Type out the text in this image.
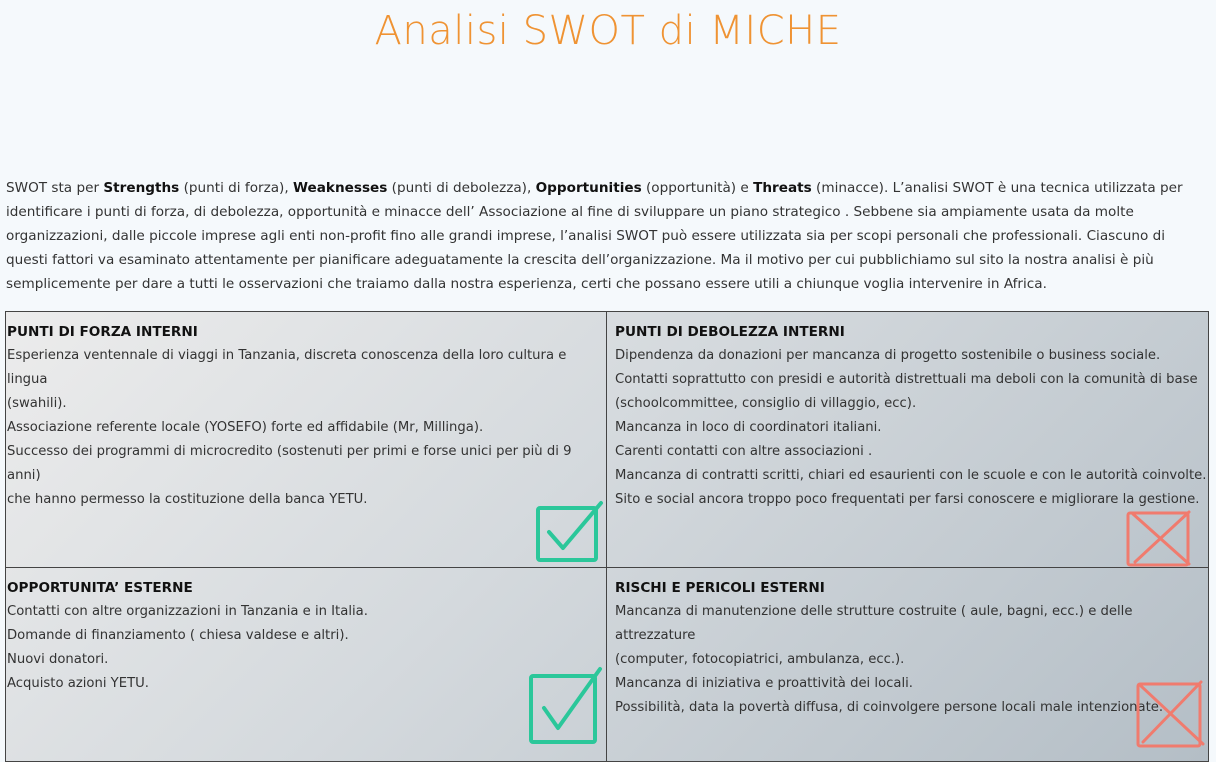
Analisi SWOT di MICHE

SWOT sta per Strengths (punti di forza), Weaknesses (punti di debolezza), Opportunities (opportunità) e Threats (minacce). L’analisi SWOT è una tecnica utilizzata per identificare i punti di forza, di debolezza, opportunità e minacce dell’ Associazione al fine di sviluppare un piano strategico . Sebbene sia ampiamente usata da molte organizzazioni, dalle piccole imprese agli enti non-profit fino alle grandi imprese, l’analisi SWOT può essere utilizzata sia per scopi personali che professionali. Ciascuno di questi fattori va esaminato attentamente per pianificare adeguatamente la crescita dell’organizzazione. Ma il motivo per cui pubblichiamo sul sito la nostra analisi è più semplicemente per dare a tutti le osservazioni che traiamo dalla nostra esperienza, certi che possano essere utili a chiunque voglia intervenire in Africa.

PUNTI DI FORZA INTERNI

Esperienza ventennale di viaggi in Tanzania, discreta conoscenza della loro cultura e lingua

(swahili).

Associazione referente locale (YOSEFO) forte ed affidabile (Mr, Millinga).

Successo dei programmi di microcredito (sostenuti per primi e forse unici per più di 9 anni)

che hanno permesso la costituzione della banca YETU.

PUNTI DI DEBOLEZZA INTERNI

Dipendenza da donazioni per mancanza di progetto sostenibile o business sociale.

Contatti soprattutto con presidi e autorità distrettuali ma deboli con la comunità di base

(schoolcommittee, consiglio di villaggio, ecc).

Mancanza in loco di coordinatori italiani.

Carenti contatti con altre associazioni .

Mancanza di contratti scritti, chiari ed esaurienti con le scuole e con le autorità coinvolte.

Sito e social ancora troppo poco frequentati per farsi conoscere e migliorare la gestione.

OPPORTUNITA’ ESTERNE

Contatti con altre organizzazioni in Tanzania e in Italia.

Domande di finanziamento ( chiesa valdese e altri).

Nuovi donatori.

Acquisto azioni YETU.

RISCHI E PERICOLI ESTERNI

Mancanza di manutenzione delle strutture costruite ( aule, bagni, ecc.) e delle attrezzature

(computer, fotocopiatrici, ambulanza, ecc.).

Mancanza di iniziativa e proattività dei locali.

Possibilità, data la povertà diffusa, di coinvolgere persone locali male intenzionate.
